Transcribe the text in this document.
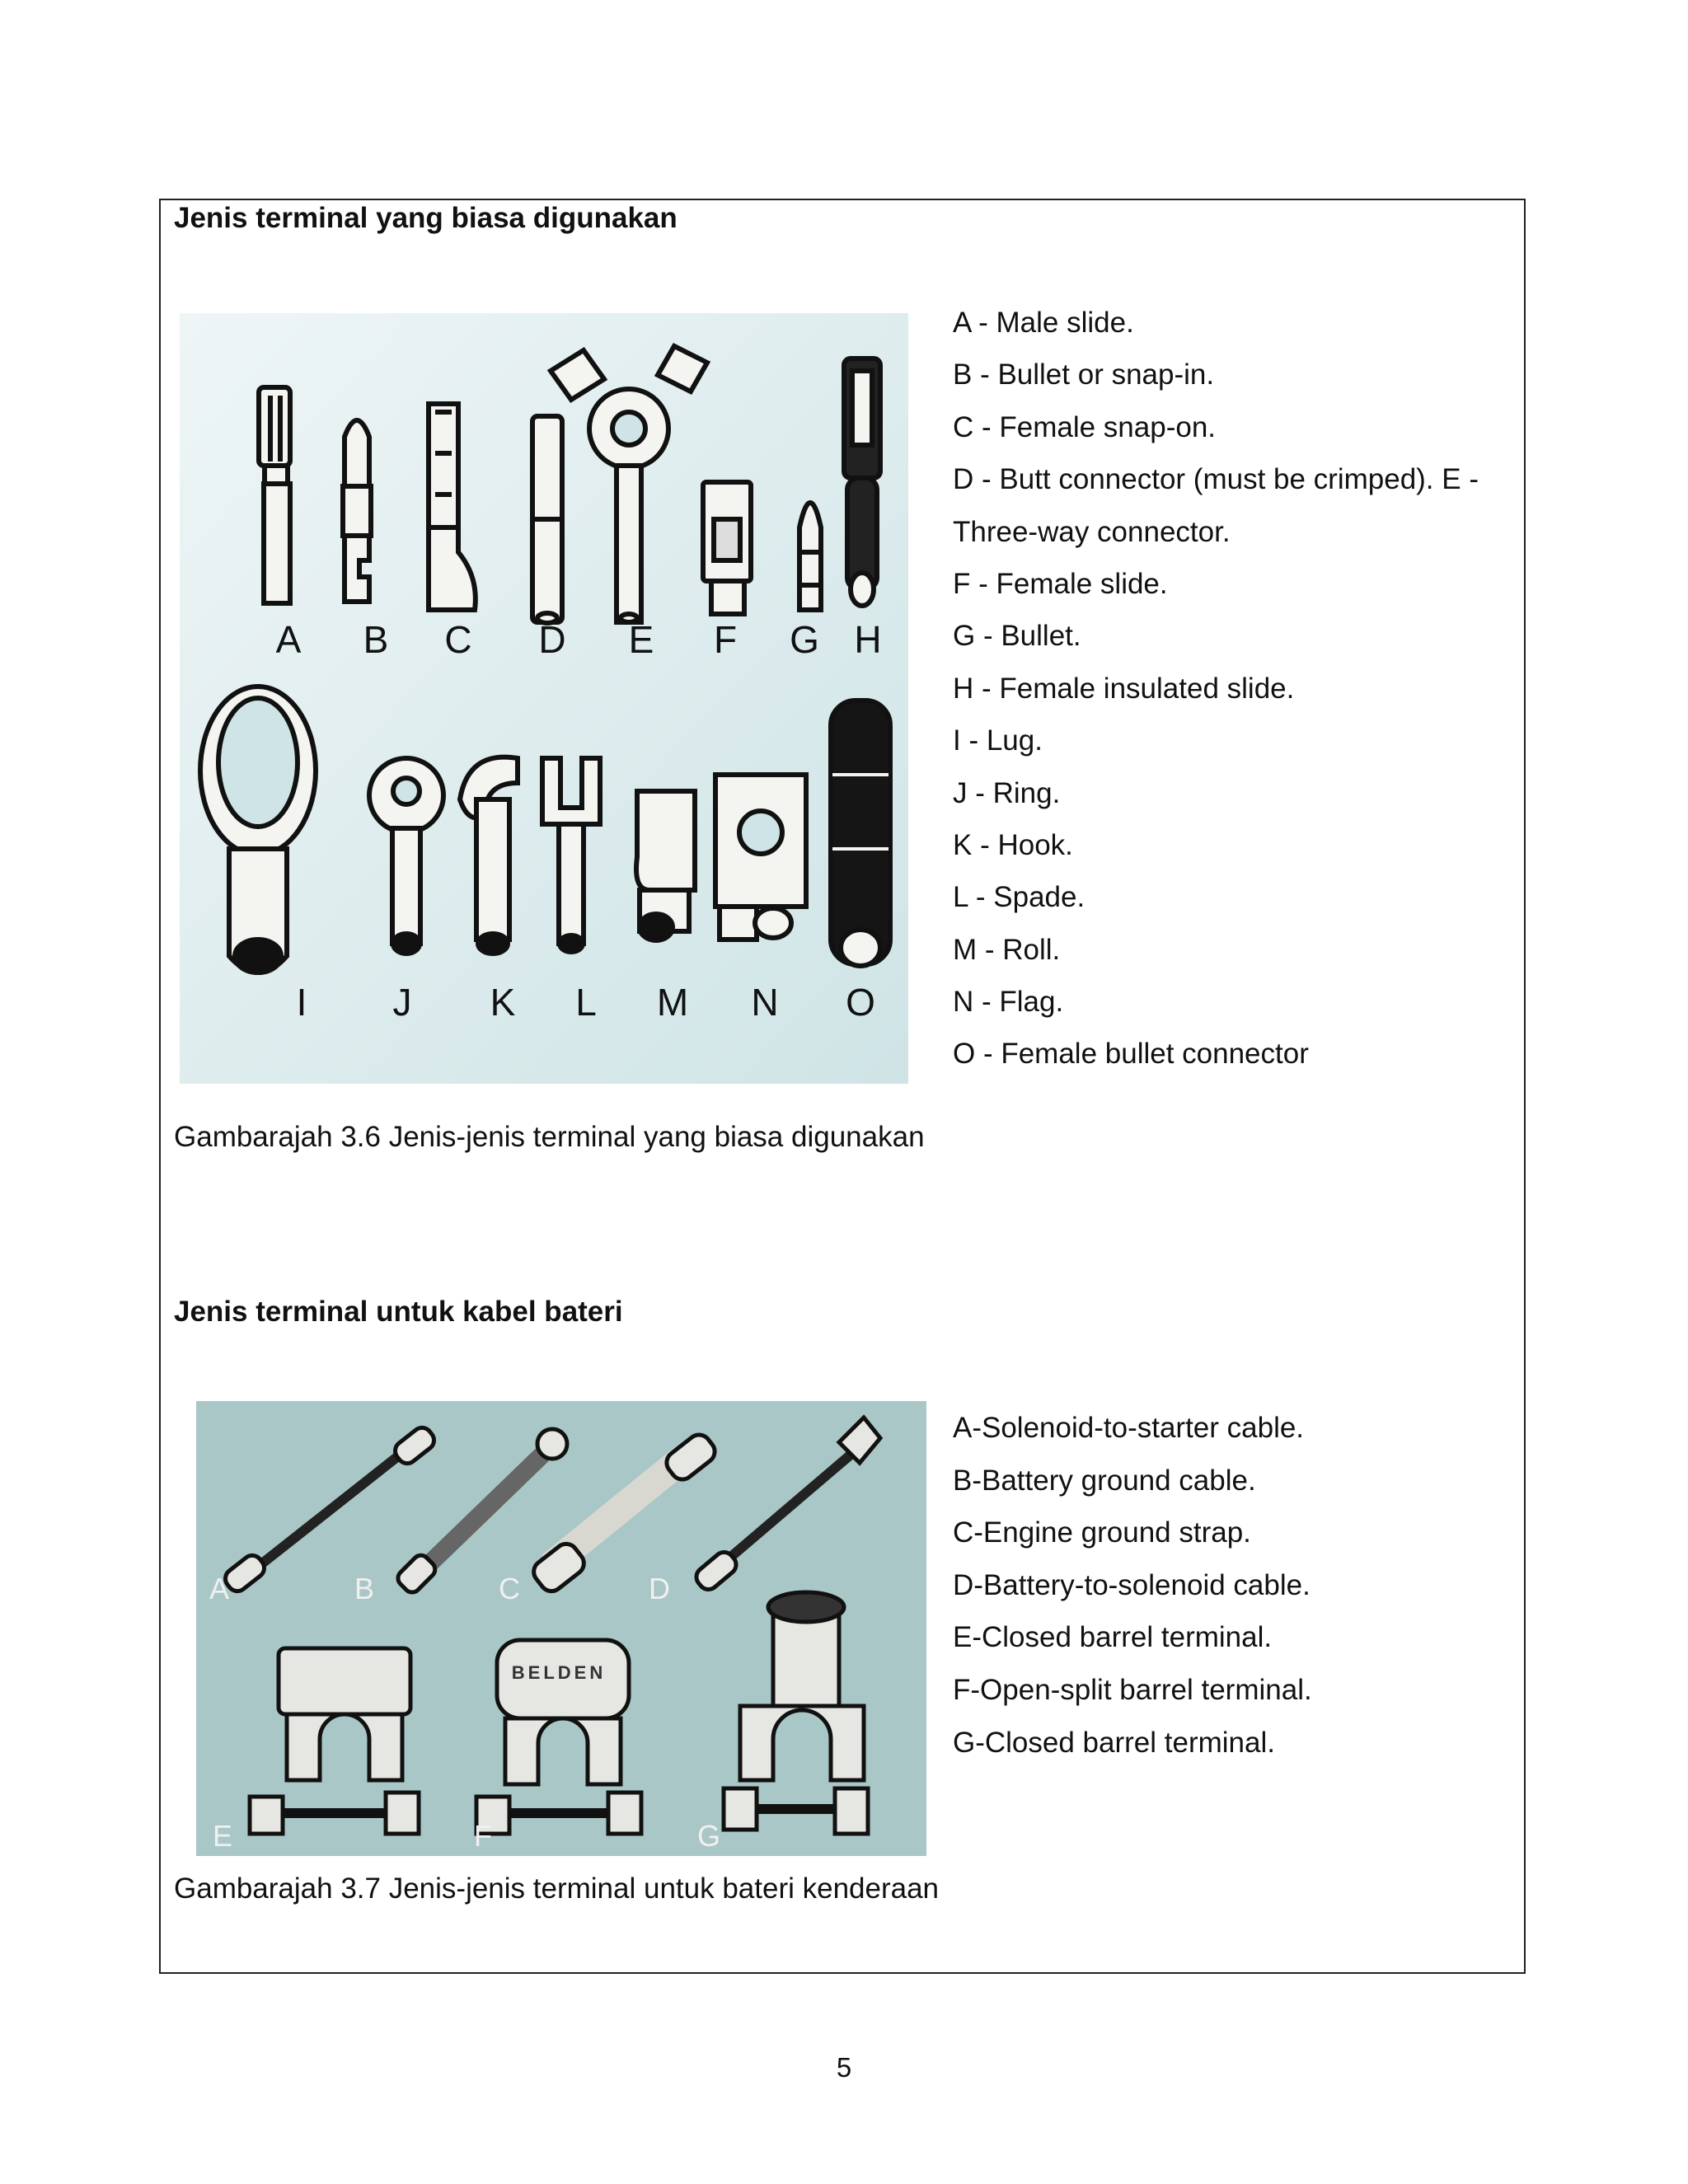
Jenis terminal yang biasa digunakan
A B C D E F G H
I J K L M N O
A - Male slide.
B - Bullet or snap-in.
C - Female snap-on.
D - Butt connector (must be crimped). E -
Three-way connector.
F - Female slide.
G - Bullet.
H - Female insulated slide.
I - Lug.
J - Ring.
K - Hook.
L - Spade.
M - Roll.
N - Flag.
O - Female bullet connector
Gambarajah 3.6 Jenis-jenis terminal yang biasa digunakan
Jenis terminal untuk kabel bateri
BELDEN
A	B	C	D
E	F	G
A-Solenoid-to-starter cable.
B-Battery ground cable.
C-Engine ground strap.
D-Battery-to-solenoid cable.
E-Closed barrel terminal.
F-Open-split barrel terminal.
G-Closed barrel terminal.
Gambarajah 3.7 Jenis-jenis terminal untuk bateri kenderaan
5
